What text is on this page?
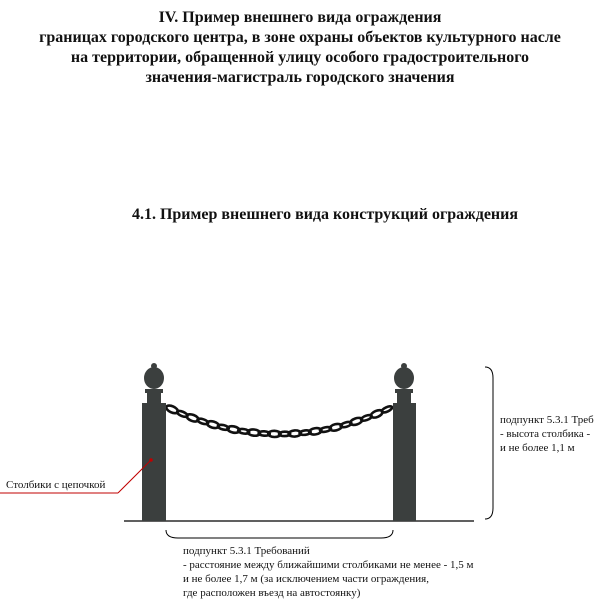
IV. Пример внешнего вида ограждения
границах городского центра, в зоне охраны объектов культурного насле
на территории, обращенной улицу особого градостроительного
значения-магистраль городского значения
4.1. Пример внешнего вида конструкций ограждения
Столбики с цепочкой
подпункт 5.3.1 Треб
- высота столбика -
и не более 1,1 м
подпункт 5.3.1 Требований
- расстояние между ближайшими столбиками не менее - 1,5 м
и не более 1,7 м (за исключением части ограждения,
где расположен въезд на автостоянку)
